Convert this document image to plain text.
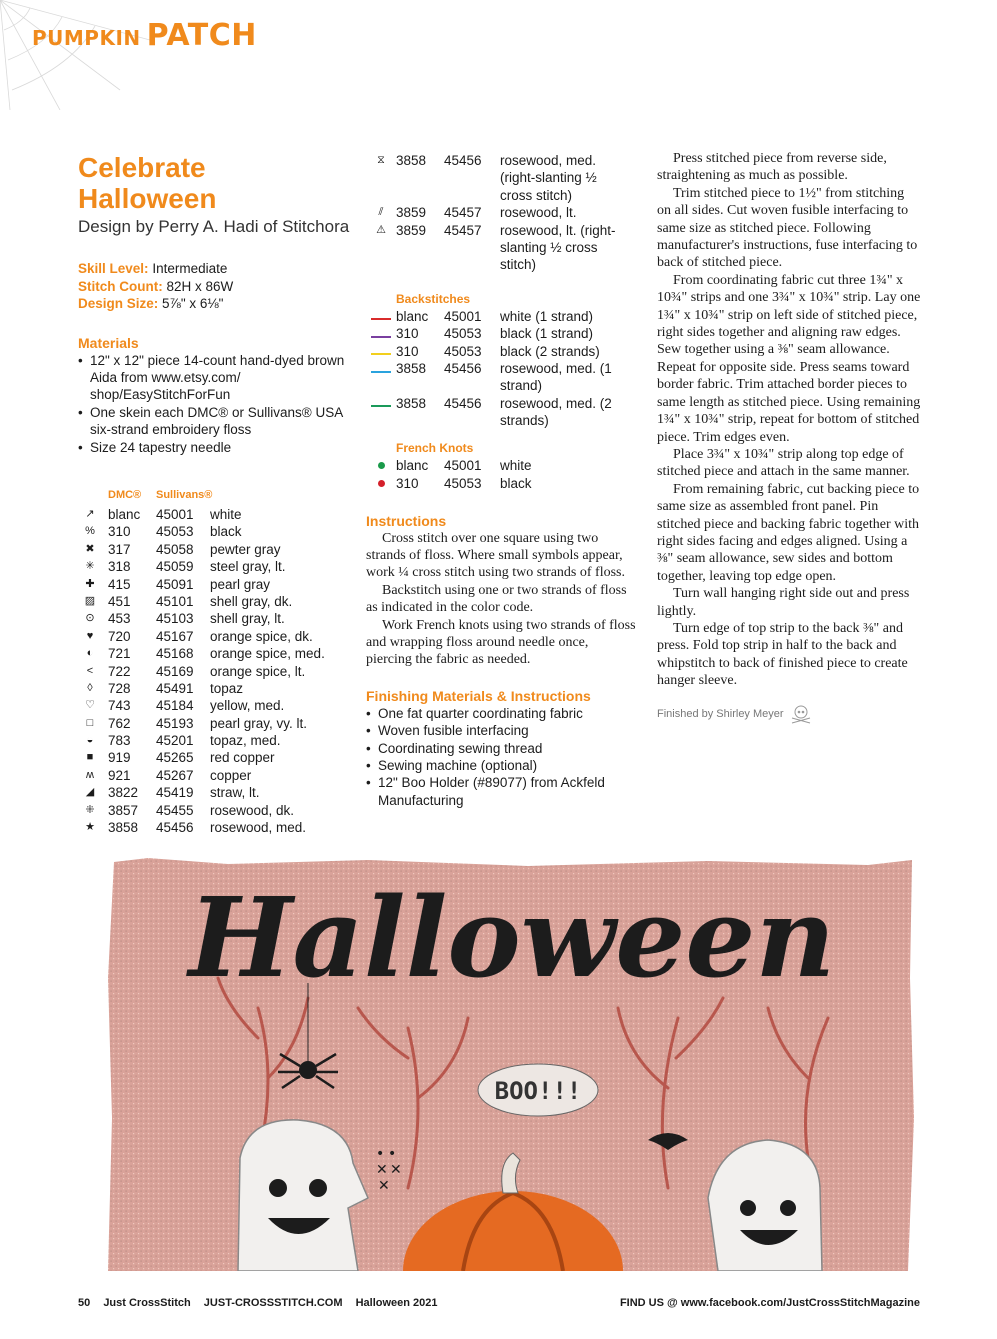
PUMPKIN PATCH
Celebrate
Halloween
Design by Perry A. Hadi of Stitchora
Skill Level: Intermediate
Stitch Count: 82H x 86W
Design Size: 5⅞" x 6⅛"
Materials
• 12" x 12" piece 14-count hand-dyed brown Aida from www.etsy.com/ shop/EasyStitchForFun
• One skein each DMC® or Sullivans® USA six-strand embroidery floss
• Size 24 tapestry needle
DMC®	Sullivans®
↗ blanc	45001	white
% 310	45053	black
✖ 317	45058	pewter gray
✳ 318	45059	steel gray, lt.
✚ 415	45091	pearl gray
▨ 451	45101	shell gray, dk.
⊙ 453	45103	shell gray, lt.
♥	720	45167	orange spice, dk.
◐	721	45168	orange spice, med.
<	722	45169	orange spice, lt.
◊	728	45491	topaz
♡ 743	45184	yellow, med.
□	762	45193	pearl gray, vy. lt.
◒	783	45201	topaz, med.
■	919	45265	red copper
ʍ	921	45267	copper
◢	3822	45419	straw, lt.
⁜ 3857	45455	rosewood, dk.
★ 3858	45456	rosewood, med.
⧖ 3858	45456	rosewood, med. (right-slanting ½ cross stitch)
⫽ 3859	45457	rosewood, lt.
⚠ 3859	45457	rosewood, lt. (right-slanting ½ cross stitch)
Backstitches
blanc	45001	white (1 strand)
310	45053	black (1 strand)
310	45053	black (2 strands)
3858	45456	rosewood, med. (1 strand)
3858	45456	rosewood, med. (2 strands)
French Knots
blanc	45001	white
310	45053	black
Instructions

Cross stitch over one square using two strands of floss. Where small symbols appear, work ¼ cross stitch using two strands of floss.

Backstitch using one or two strands of floss as indicated in the color code.

Work French knots using two strands of floss and wrapping floss around needle once, piercing the fabric as needed.

Finishing Materials & Instructions
• One fat quarter coordinating fabric
• Woven fusible interfacing
• Coordinating sewing thread
• Sewing machine (optional)
• 12" Boo Holder (#89077) from Ackfeld Manufacturing

Press stitched piece from reverse side, straightening as much as possible.

Trim stitched piece to 1½" from stitching on all sides. Cut woven fusible interfacing to same size as stitched piece. Following manufacturer's instructions, fuse interfacing to back of stitched piece.

From coordinating fabric cut three 1¾" x 10¾" strips and one 3¾" x 10¾" strip. Lay one 1¾" x 10¾" strip on left side of stitched piece, right sides together and aligning raw edges. Sew together using a ⅜" seam allowance. Repeat for opposite side. Press seams toward border fabric. Trim attached border pieces to same length as stitched piece. Using remaining 1¾" x 10¾" strip, repeat for bottom of stitched piece. Trim edges even.

Place 3¾" x 10¾" strip along top edge of stitched piece and attach in the same manner.

From remaining fabric, cut backing piece to same size as assembled front panel. Pin stitched piece and backing fabric together with right sides facing and edges aligned. Using a ⅜" seam allowance, sew sides and bottom together, leaving top edge open.

Turn wall hanging right side out and press lightly.

Turn edge of top strip to the back ⅜" and press. Fold top strip in half to the back and whipstitch to back of finished piece to create hanger sleeve.

Finished by Shirley Meyer
Halloween
BOO!!!
• •
✕ ✕
✕
50 Just CrossStitch JUST-CROSSSTITCH.COM Halloween 2021	FIND US @ www.facebook.com/JustCrossStitchMagazine
